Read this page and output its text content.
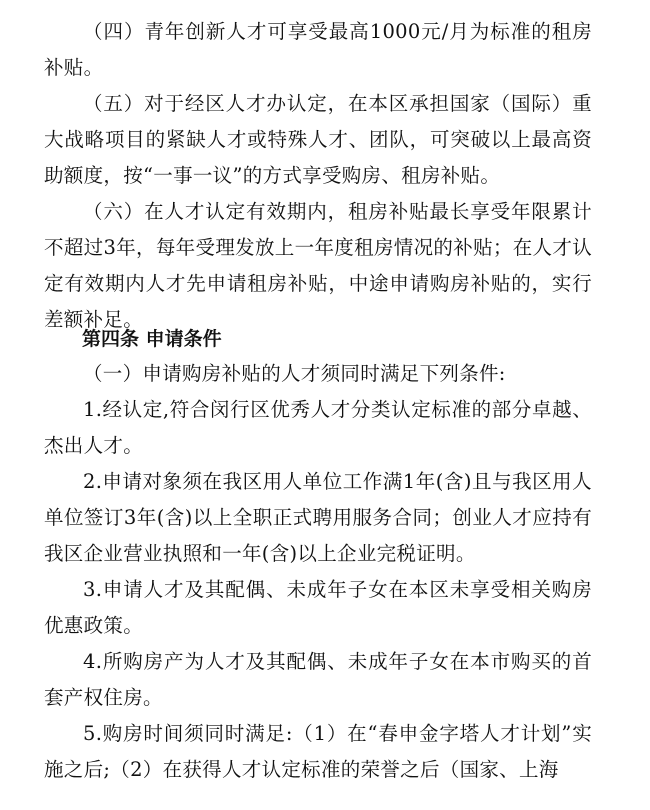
（四）青年创新人才可享受最高1000元/月为标准的租房补贴。

（五）对于经区人才办认定，在本区承担国家（国际）重大战略项目的紧缺人才或特殊人才、团队，可突破以上最高资助额度，按“一事一议”的方式享受购房、租房补贴。

（六）在人才认定有效期内，租房补贴最长享受年限累计不超过3年，每年受理发放上一年度租房情况的补贴；在人才认定有效期内人才先申请租房补贴，中途申请购房补贴的，实行差额补足。

第四条 申请条件

（一）申请购房补贴的人才须同时满足下列条件:

1.经认定,符合闵行区优秀人才分类认定标准的部分卓越、杰出人才。

2.申请对象须在我区用人单位工作满1年(含)且与我区用人单位签订3年(含)以上全职正式聘用服务合同；创业人才应持有我区企业营业执照和一年(含)以上企业完税证明。

3.申请人才及其配偶、未成年子女在本区未享受相关购房优惠政策。

4.所购房产为人才及其配偶、未成年子女在本市购买的首套产权住房。

5.购房时间须同时满足:（1）在“春申金字塔人才计划”实施之后;（2）在获得人才认定标准的荣誉之后（国家、上海
